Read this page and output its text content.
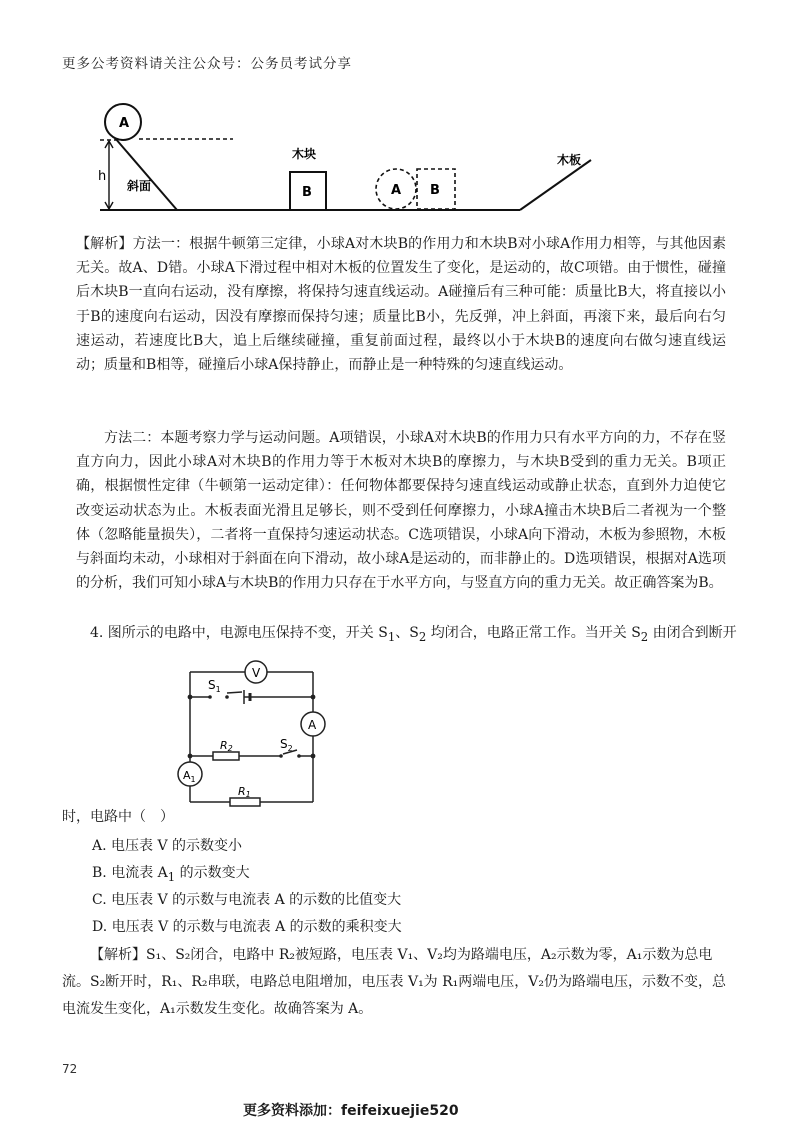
更多公考资料请关注公众号：公务员考试分享
A
h
斜面
木块
B	A B
木板

【解析】方法一：根据牛顿第三定律，小球A对木块B的作用力和木块B对小球A作用力相等，与其他因素无关。故A、D错。小球A下滑过程中相对木板的位置发生了变化，是运动的，故C项错。由于惯性，碰撞后木块B一直向右运动，没有摩擦，将保持匀速直线运动。A碰撞后有三种可能：质量比B大，将直接以小于B的速度向右运动，因没有摩擦而保持匀速；质量比B小，先反弹，冲上斜面，再滚下来，最后向右匀速运动，若速度比B大，追上后继续碰撞，重复前面过程，最终以小于木块B的速度向右做匀速直线运动；质量和B相等，碰撞后小球A保持静止，而静止是一种特殊的匀速直线运动。

方法二：本题考察力学与运动问题。A项错误，小球A对木块B的作用力只有水平方向的力，不存在竖直方向力，因此小球A对木块B的作用力等于木板对木块B的摩擦力，与木块B受到的重力无关。B项正确，根据惯性定律（牛顿第一运动定律）：任何物体都要保持匀速直线运动或静止状态，直到外力迫使它改变运动状态为止。木板表面光滑且足够长，则不受到任何摩擦力，小球A撞击木块B后二者视为一个整体（忽略能量损失），二者将一直保持匀速运动状态。C选项错误，小球A向下滑动，木板为参照物，木板与斜面均未动，小球相对于斜面在向下滑动，故小球A是运动的，而非静止的。D选项错误，根据对A选项的分析，我们可知小球A与木块B的作用力只存在于水平方向，与竖直方向的重力无关。故正确答案为B。

4. 图所示的电路中，电源电压保持不变，开关 $S_1$、$S_2$ 均闭合，电路正常工作。当开关 $S_2$ 由闭合到断开
V
A
$A_1$
$S_1$
$S_2$
R2
R1
时，电路中（　）
A. 电压表 V 的示数变小
B. 电流表 $A_1$ 的示数变大
C. 电压表 V 的示数与电流表 A 的示数的比值变大
D. 电压表 V 的示数与电流表 A 的示数的乘积变大
【解析】S₁、S₂闭合，电路中 R₂被短路，电压表 V₁、V₂均为路端电压，A₂示数为零，A₁示数为总电
流。S₂断开时，R₁、R₂串联，电路总电阻增加，电压表 V₁为 R₁两端电压，V₂仍为路端电压，示数不变，总
电流发生变化，A₁示数发生变化。故确答案为 A。
72
更多资料添加：feifeixuejie520
